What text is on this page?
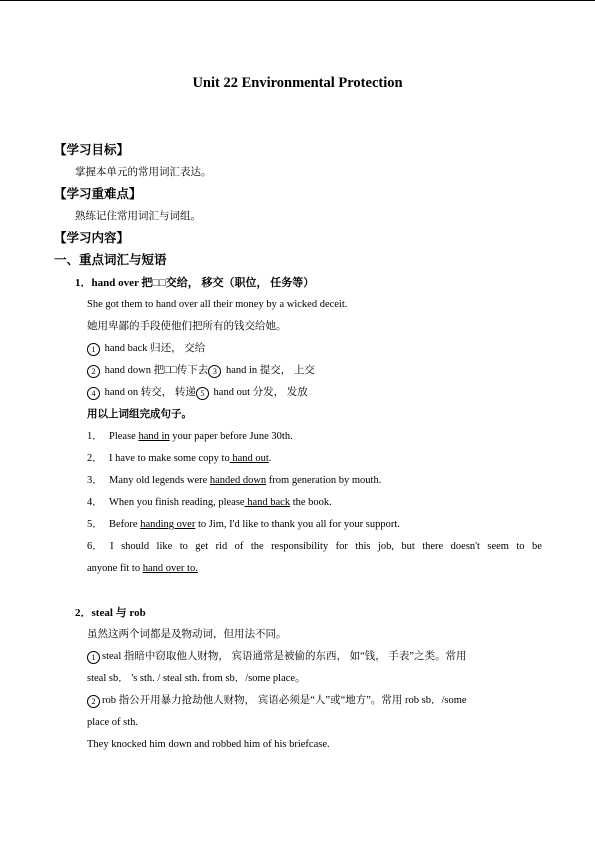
Unit 22 Environmental Protection
【学习目标】
掌握本单元的常用词汇表达。
【学习重难点】
熟练记住常用词汇与词组。
【学习内容】
一、重点词汇与短语
1．hand over 把□□交给， 移交（职位， 任务等）
She got them to hand over all their money by a wicked deceit.
她用卑鄙的手段使他们把所有的钱交给她。
1 hand back 归还， 交给
2 hand down 把□□传下去 3 hand in 提交， 上交
4 hand on 转交， 转递 5 hand out 分发， 发放
用以上词组完成句子。
1． Please hand in your paper before June 30th.
2． I have to make some copy to hand out.
3． Many old legends were handed down from generation by mouth.
4． When you finish reading, please hand back the book.
5． Before handing over to Jim, I'd like to thank you all for your support.
6． I should like to get rid of the responsibility for this job, but there doesn't seem to be
anyone fit to hand over to.
2．steal 与 rob
虽然这两个词都是及物动词，但用法不同。
1 steal 指暗中窃取他人财物， 宾语通常是被偷的东西， 如“钱， 手表”之类。常用
steal sb． 's sth. / steal sth. from sb．/some place。
2 rob 指公开用暴力抢劫他人财物， 宾语必须是“人”或“地方”。常用 rob sb．/some
place of sth.
They knocked him down and robbed him of his briefcase.
